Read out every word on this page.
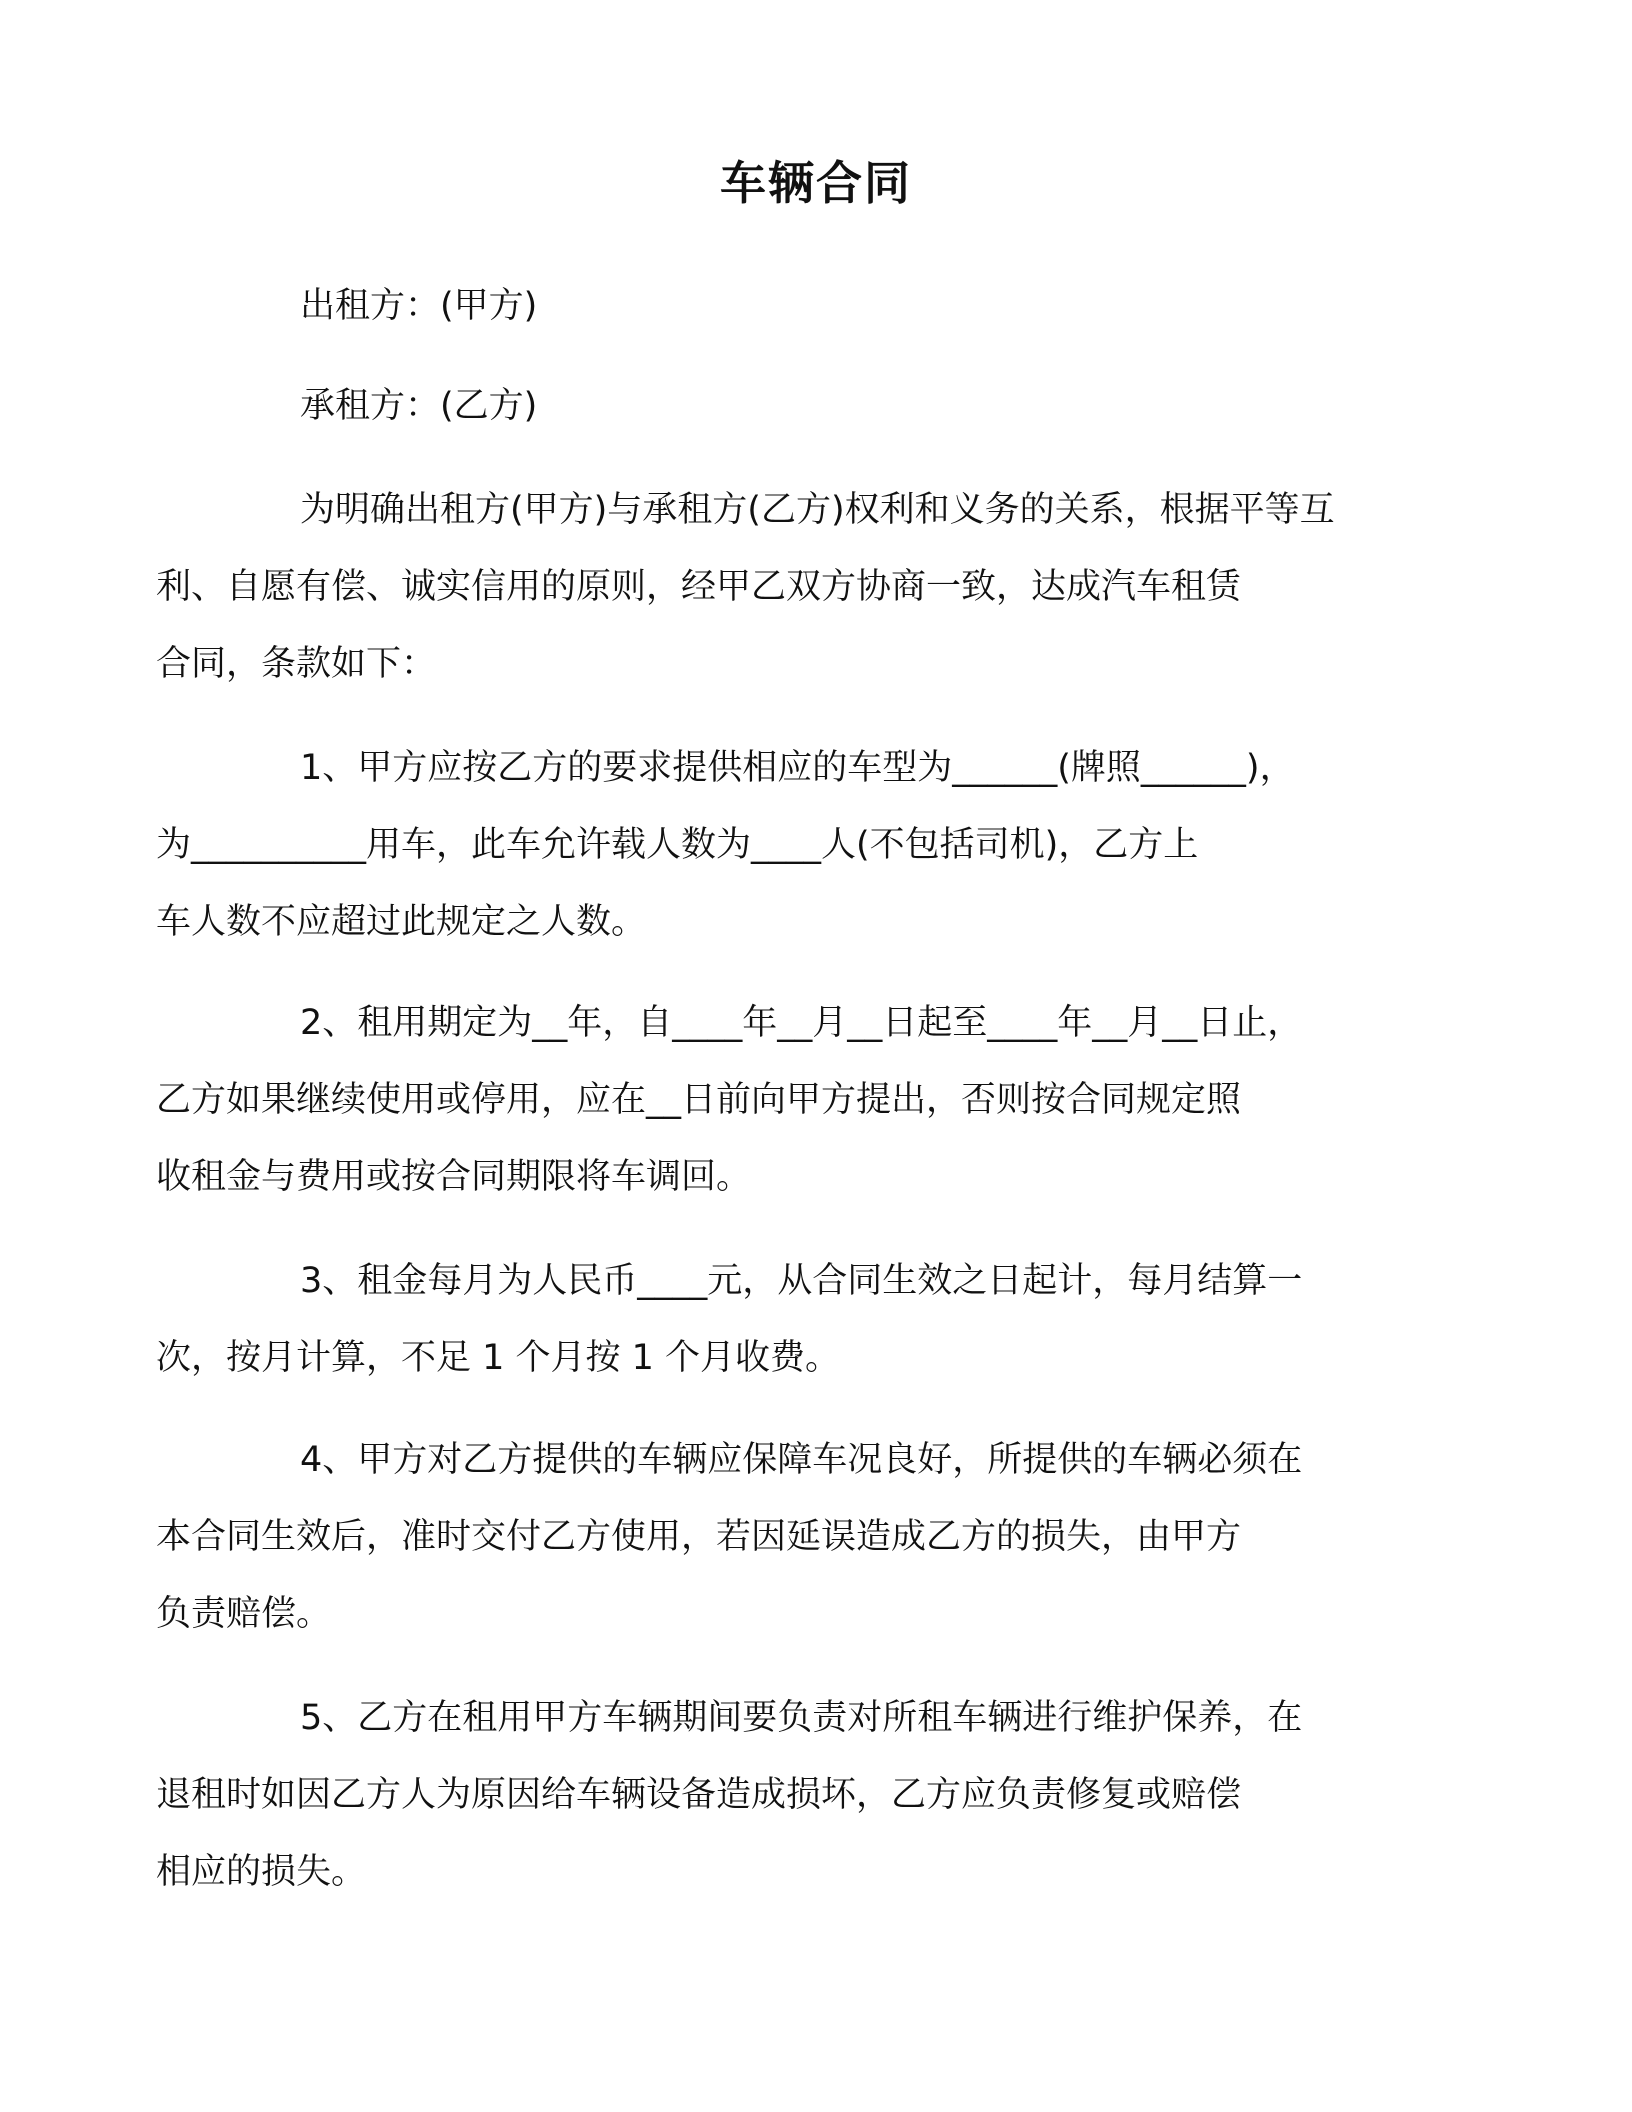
车辆合同
出租方：(甲方)
承租方：(乙方)
为明确出租方(甲方)与承租方(乙方)权利和义务的关系，根据平等互
利、自愿有偿、诚实信用的原则，经甲乙双方协商一致，达成汽车租赁
合同，条款如下：
1、甲方应按乙方的要求提供相应的车型为______(牌照______)，
为__________用车，此车允许载人数为____人(不包括司机)，乙方上
车人数不应超过此规定之人数。
2、租用期定为__年，自____年__月__日起至____年__月__日止，
乙方如果继续使用或停用，应在__日前向甲方提出，否则按合同规定照
收租金与费用或按合同期限将车调回。
3、租金每月为人民币____元，从合同生效之日起计，每月结算一
次，按月计算，不足 1 个月按 1 个月收费。
4、甲方对乙方提供的车辆应保障车况良好，所提供的车辆必须在
本合同生效后，准时交付乙方使用，若因延误造成乙方的损失，由甲方
负责赔偿。
5、乙方在租用甲方车辆期间要负责对所租车辆进行维护保养，在
退租时如因乙方人为原因给车辆设备造成损坏，乙方应负责修复或赔偿
相应的损失。
